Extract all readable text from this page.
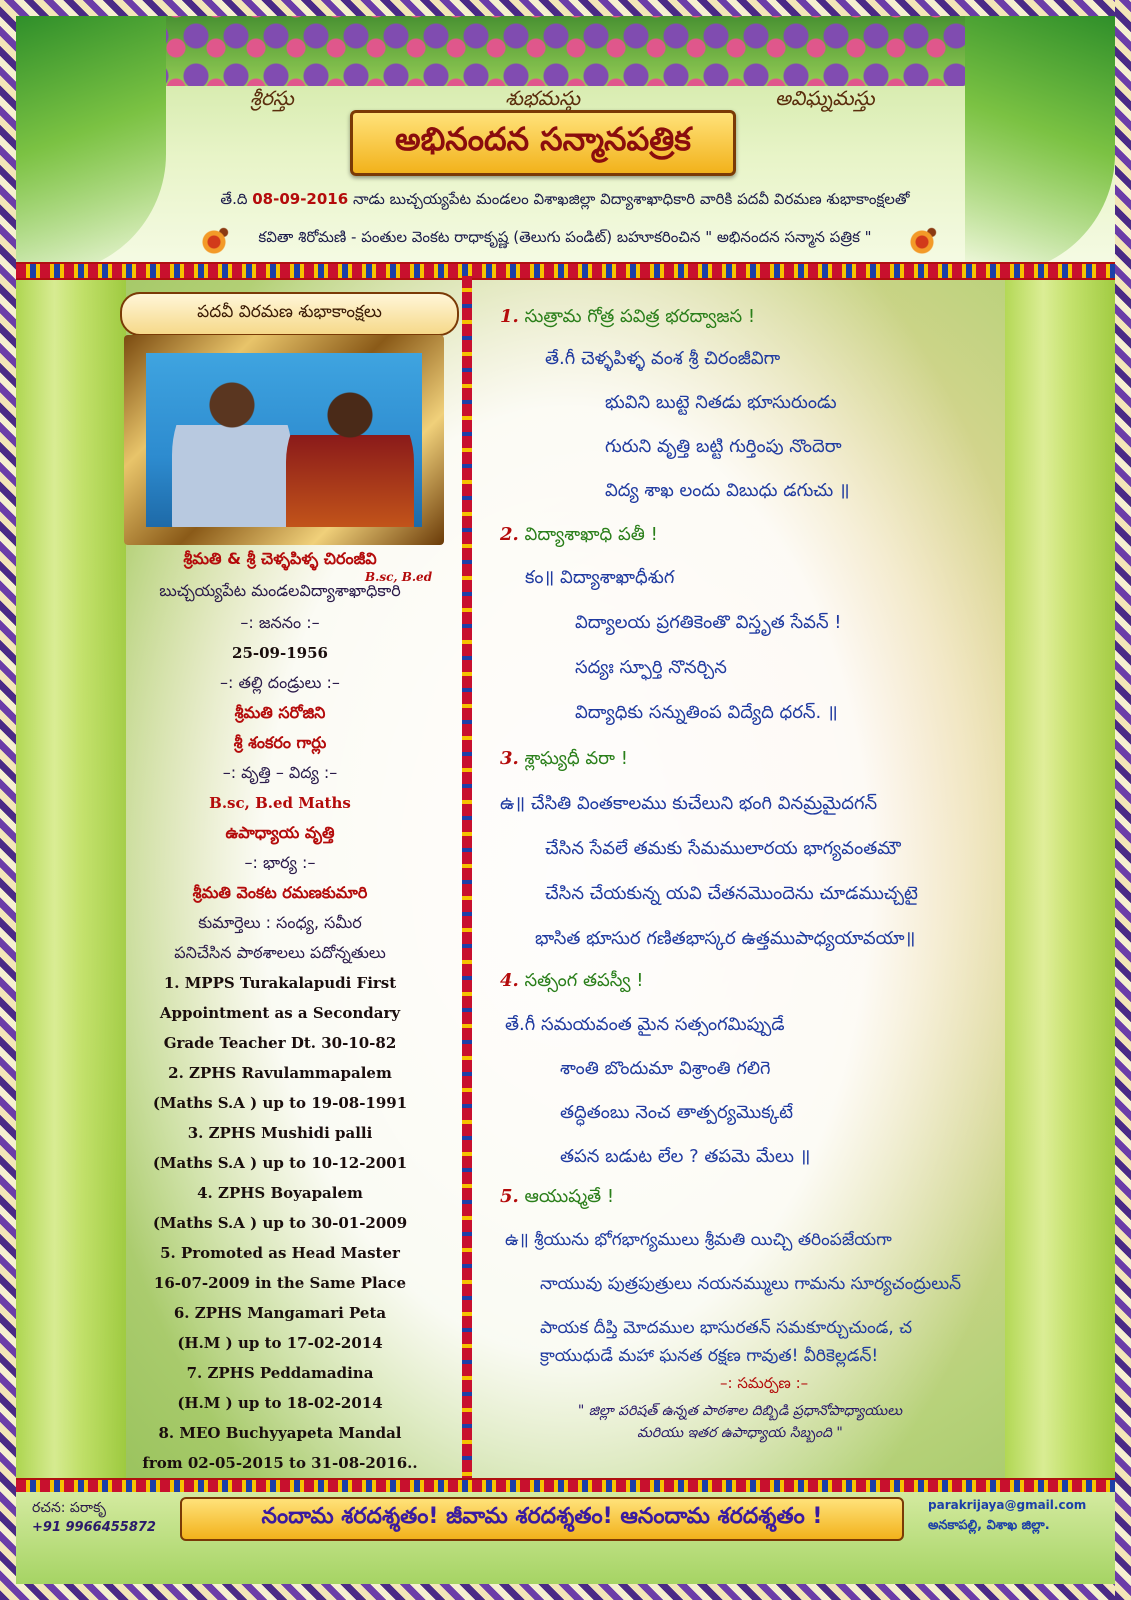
శ్రీరస్తు	శుభమస్తు	అవిఘ్నమస్తు
అభినందన సన్మానపత్రిక
తే.ది 08-09-2016 నాడు బుచ్చయ్యపేట మండలం విశాఖజిల్లా విద్యాశాఖాధికారి వారికి పదవీ విరమణ శుభాకాంక్షలతో
కవితా శిరోమణి - పంతుల వెంకట రాధాకృష్ణ (తెలుగు పండిట్) బహూకరించిన " అభినందన సన్మాన పత్రిక "
పదవీ విరమణ శుభాకాంక్షలు
శ్రీమతి & శ్రీ చెళ్ళపిళ్ళ చిరంజీవి
B.sc, B.ed
బుచ్చయ్యపేట మండలవిద్యాశాఖాధికారి
–: జననం :–
25-09-1956
–: తల్లి దండ్రులు :–
శ్రీమతి సరోజిని
శ్రీ శంకరం గార్లు
–: వృత్తి – విద్య :–
B.sc, B.ed Maths
ఉపాధ్యాయ వృత్తి
–: భార్య :–
శ్రీమతి వెంకట రమణకుమారి
కుమార్తెలు : సంధ్య, సమీర
పనిచేసిన పాఠశాలలు పదోన్నతులు
1. MPPS Turakalapudi First
Appointment as a Secondary
Grade Teacher Dt. 30-10-82
2. ZPHS Ravulammapalem
(Maths S.A ) up to 19-08-1991
3. ZPHS Mushidi palli
(Maths S.A ) up to 10-12-2001
4. ZPHS Boyapalem
(Maths S.A ) up to 30-01-2009
5. Promoted as Head Master
16-07-2009 in the Same Place
6. ZPHS Mangamari Peta
(H.M ) up to 17-02-2014
7. ZPHS Peddamadina
(H.M ) up to 18-02-2014
8. MEO Buchyyapeta Mandal
from 02-05-2015 to 31-08-2016..
1. సుత్రామ గోత్ర పవిత్ర భరద్వాజస !
తే.గీ చెళ్ళపిళ్ళ వంశ శ్రీ చిరంజీవిగా
భువిని బుట్టె నితడు భూసురుండు
గురుని వృత్తి బట్టి గుర్తింపు నొందెరా
విద్య శాఖ లందు విబుధు డగుచు ॥
2. విద్యాశాఖాధి పతీ !
కం॥ విద్యాశాఖాధీశుగ
విద్యాలయ ప్రగతికెంతొ విస్తృత సేవన్ !
సద్యః స్ఫూర్తి నొనర్చిన
విద్యాధికు సన్నుతింప విద్యేది ధరన్. ॥
3. శ్లాఘ్యధీ వరా !
ఉ॥ చేసితి వింతకాలము కుచేలుని భంగి వినమ్రమైదగన్
చేసిన సేవలే తమకు సేమములారయ భాగ్యవంతమౌ
చేసిన చేయకున్న యవి చేతనమొందెను చూడముచ్చటై
భాసిత భూసుర గణితభాస్కర ఉత్తముపాధ్యయావయా॥
4. సత్సంగ తపస్వీ !
తే.గీ సమయవంత మైన సత్సంగమిప్పుడే
శాంతి బొందుమా విశ్రాంతి గలిగె
తద్ధితంబు నెంచ తాత్పర్యమొక్కటే
తపన బడుట లేల ? తపమె మేలు ॥
5. ఆయుష్మతే !
ఉ॥ శ్రీయును భోగభాగ్యములు శ్రీమతి యిచ్చి తరింపజేయగా
నాయువు పుత్రపుత్రులు నయనమ్ములు గామను సూర్యచంద్రులున్
పాయక దీప్తి మోదముల భాసురతన్ సమకూర్చుచుండ, చ
క్రాయుధుడే మహా ఘనత రక్షణ గావుత! వీరికెల్లడన్!
–: సమర్పణ :–
" జిల్లా పరిషత్ ఉన్నత పాఠశాల దిబ్బిడి ప్రధానోపాధ్యాయులు
మరియు ఇతర ఉపాధ్యాయ సిబ్బంది "
రచన: పరాకృ
+91 9966455872	నందామ శరదశ్శతం! జీవామ శరదశ్శతం! ఆనందామ శరదశ్శతం !	parakrijaya@gmail.com
అనకాపల్లి, విశాఖ జిల్లా.
